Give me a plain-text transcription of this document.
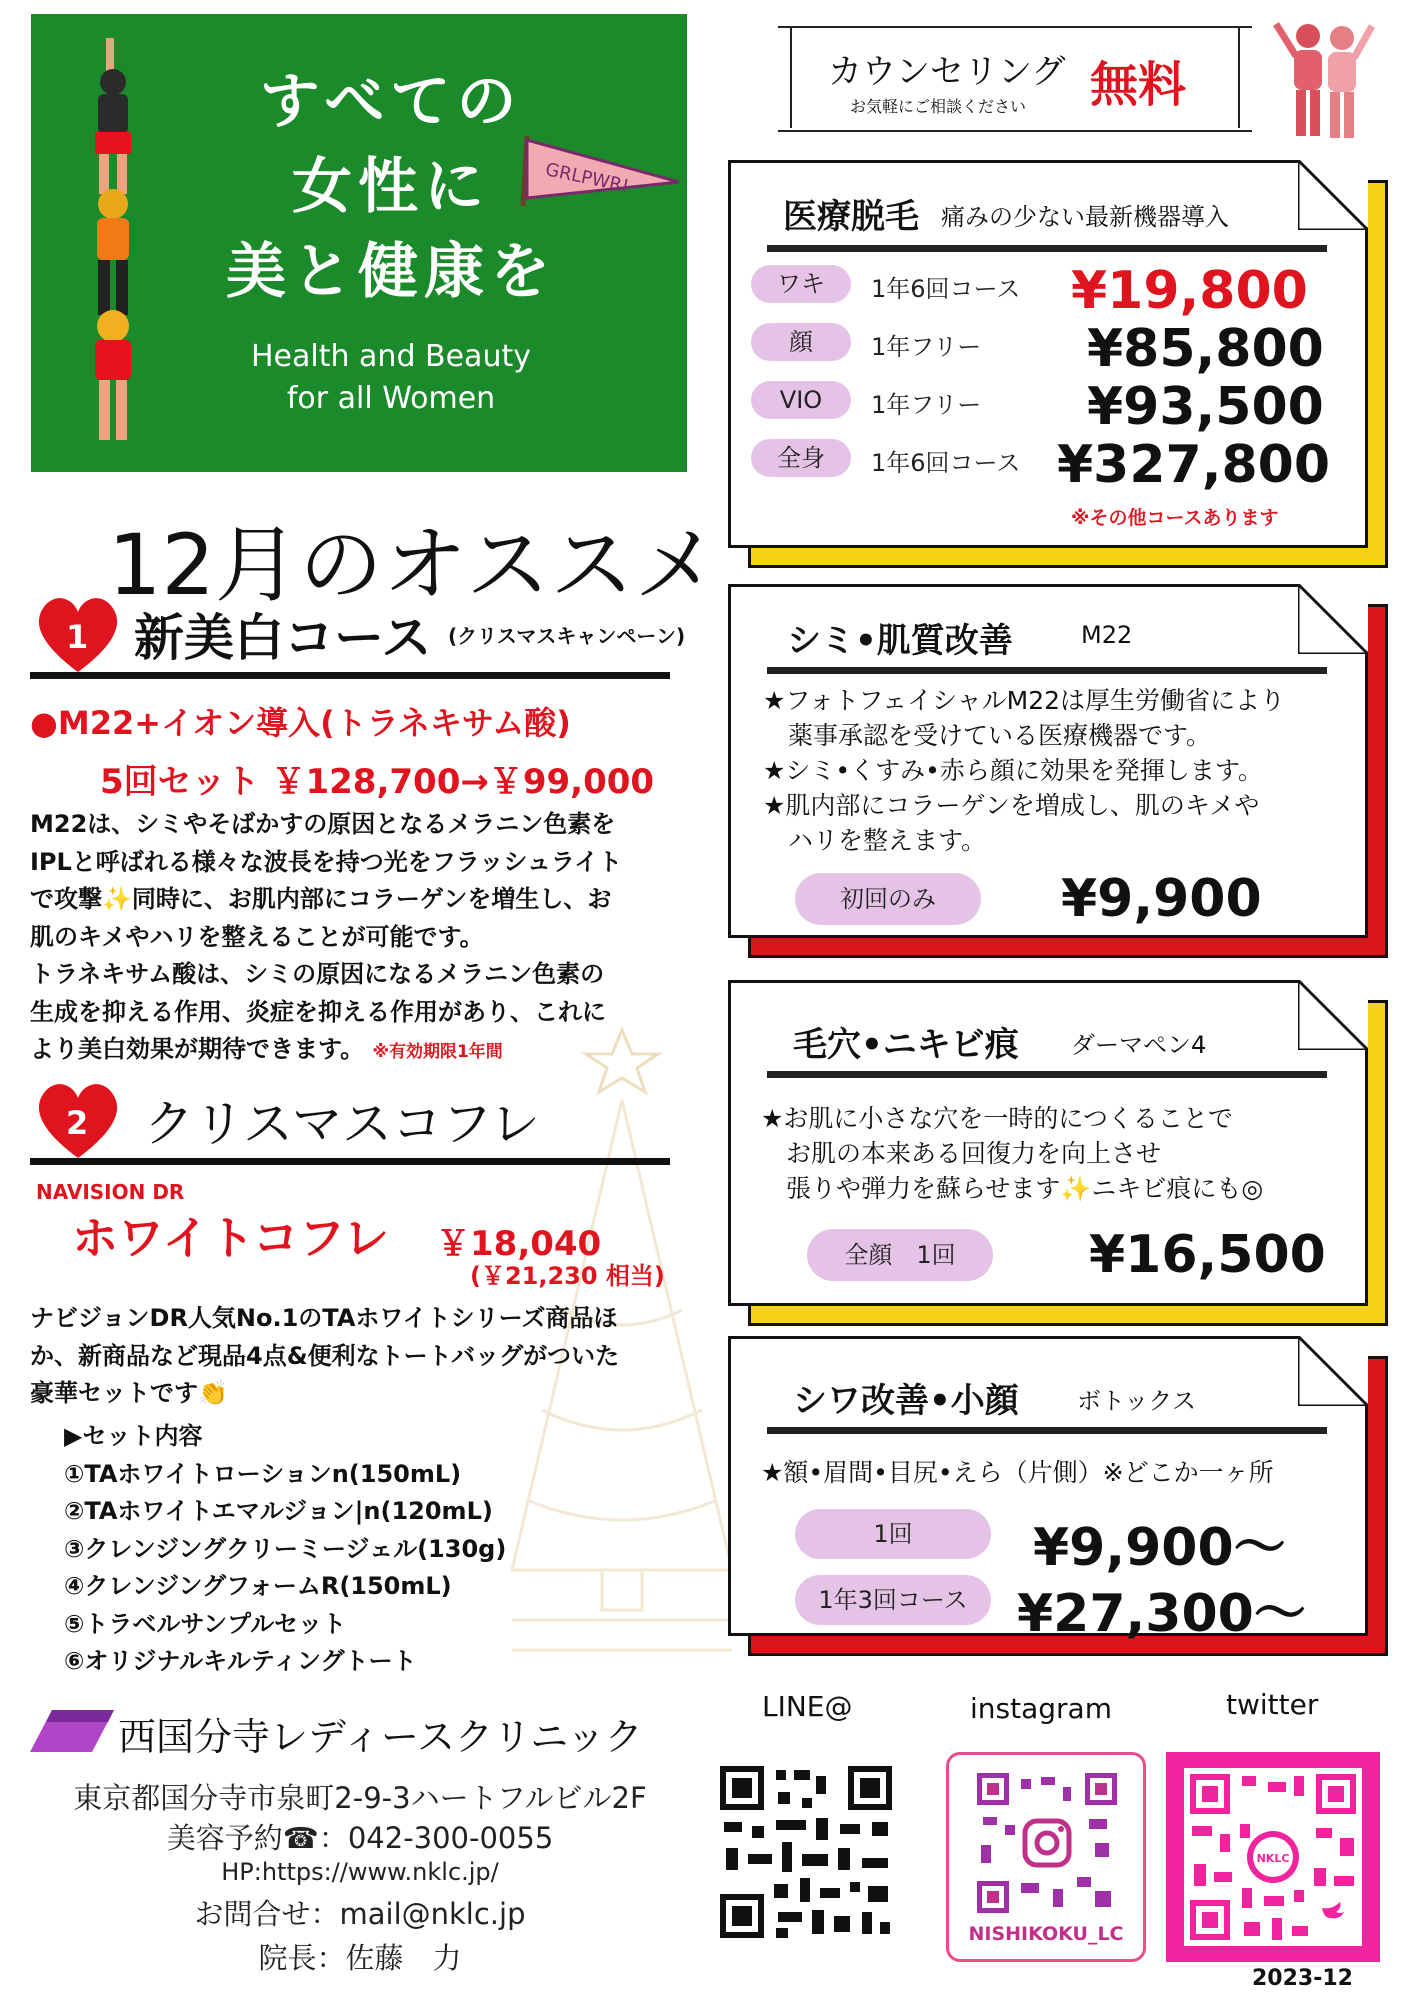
すべての
女性に
美と健康を
Health and Beauty
for all Women
GRLPWR!
カウンセリング
お気軽にご相談ください 無料
12月のオススメ
1 新美白コース (クリスマスキャンペーン)
●M22+イオン導入(トラネキサム酸)
5回セット ￥128,700→￥99,000
M22は、シミやそばかすの原因となるメラニン色素を
IPLと呼ばれる様々な波長を持つ光をフラッシュライト
で攻撃✨同時に、お肌内部にコラーゲンを増生し、お
肌のキメやハリを整えることが可能です。
トラネキサム酸は、シミの原因になるメラニン色素の
生成を抑える作用、炎症を抑える作用があり、これに
より美白効果が期待できます。 ※有効期限1年間
2 クリスマスコフレ
NAVISION DR
ホワイトコフレ ￥18,040
(￥21,230 相当)
ナビジョンDR人気No.1のTAホワイトシリーズ商品ほ
か、新商品など現品4点&便利なトートバッグがついた
豪華セットです👏
▶セット内容
①TAホワイトローションn(150mL)
②TAホワイトエマルジョン|n(120mL)
③クレンジングクリーミージェル(130g)
④クレンジングフォームR(150mL)
⑤トラベルサンプルセット
⑥オリジナルキルティングトート
西国分寺レディースクリニック
東京都国分寺市泉町2-9-3ハートフルビル2F
美容予約☎：042-300-0055
HP:https://www.nklc.jp/
お問合せ：mail@nklc.jp
院長：佐藤　力
医療脱毛 痛みの少ない最新機器導入
ワキ	1年6回コース ¥19,800
顔	1年フリー ¥85,800
VIO	1年フリー ¥93,500
全身	1年6回コース ¥327,800
※その他コースあります
シミ•肌質改善	M22
★フォトフェイシャルM22は厚生労働省により
　薬事承認を受けている医療機器です。
★シミ•くすみ•赤ら顔に効果を発揮します。
★肌内部にコラーゲンを増成し、肌のキメや
　ハリを整えます。
初回のみ	¥9,900
毛穴•ニキビ痕 ダーマペン4
★お肌に小さな穴を一時的につくることで
　お肌の本来ある回復力を向上させ
　張りや弾力を蘇らせます✨ニキビ痕にも◎
全顔　1回	¥16,500
シワ改善•小顔 ボトックス
★額•眉間•目尻•えら（片側）※どこか一ヶ所
1回	¥9,900〜
1年3回コース ¥27,300〜
LINE@	instagram	twitter
NISHIKOKU_LC
NKLC
2023-12
